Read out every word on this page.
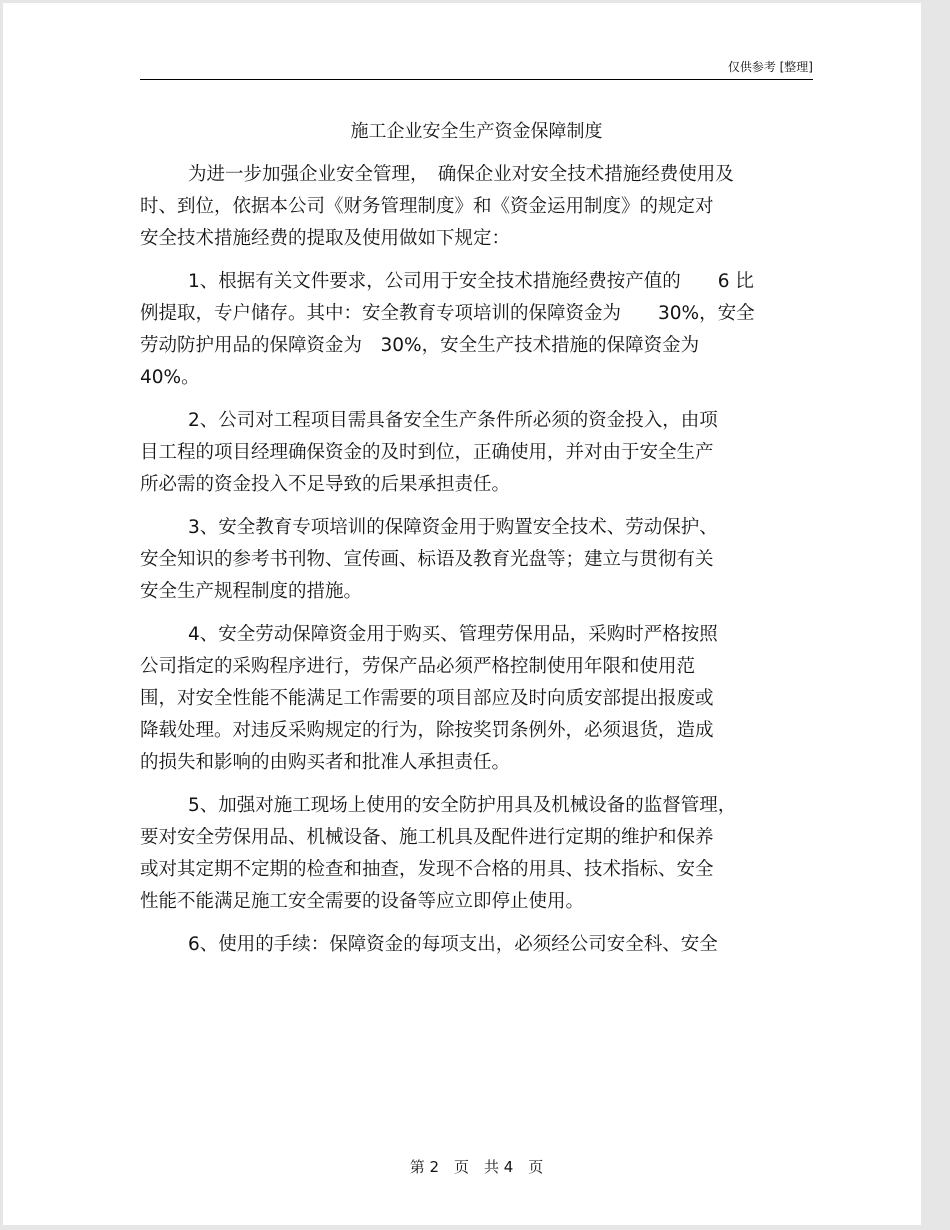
仅供参考 [整理]
施工企业安全生产资金保障制度
为进一步加强企业安全管理，　确保企业对安全技术措施经费使用及
时、到位，依据本公司《财务管理制度》和《资金运用制度》的规定对
安全技术措施经费的提取及使用做如下规定：
1、根据有关文件要求，公司用于安全技术措施经费按产值的　　6 比
例提取，专户储存。其中：安全教育专项培训的保障资金为　　30%，安全
劳动防护用品的保障资金为　30%，安全生产技术措施的保障资金为
40%。
2、公司对工程项目需具备安全生产条件所必须的资金投入，由项
目工程的项目经理确保资金的及时到位，正确使用，并对由于安全生产
所必需的资金投入不足导致的后果承担责任。
3、安全教育专项培训的保障资金用于购置安全技术、劳动保护、
安全知识的参考书刊物、宣传画、标语及教育光盘等；建立与贯彻有关
安全生产规程制度的措施。
4、安全劳动保障资金用于购买、管理劳保用品，采购时严格按照
公司指定的采购程序进行，劳保产品必须严格控制使用年限和使用范
围，对安全性能不能满足工作需要的项目部应及时向质安部提出报废或
降载处理。对违反采购规定的行为，除按奖罚条例外，必须退货，造成
的损失和影响的由购买者和批准人承担责任。
5、加强对施工现场上使用的安全防护用具及机械设备的监督管理，
要对安全劳保用品、机械设备、施工机具及配件进行定期的维护和保养
或对其定期不定期的检查和抽查，发现不合格的用具、技术指标、安全
性能不能满足施工安全需要的设备等应立即停止使用。
6、使用的手续：保障资金的每项支出，必须经公司安全科、安全
第 2　页　共 4　页
